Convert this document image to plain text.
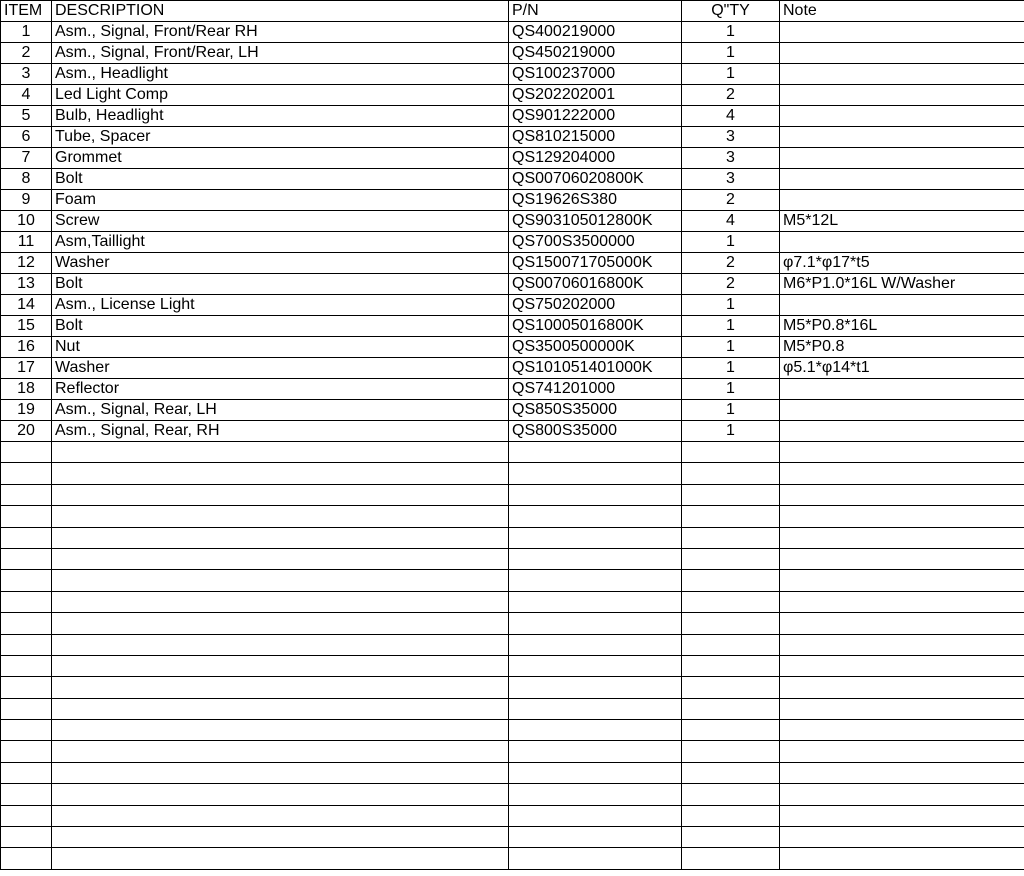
ITEM	DESCRIPTION	P/N	Q"TY	Note
1	Asm., Signal, Front/Rear RH	QS400219000	1	
2	Asm., Signal, Front/Rear, LH	QS450219000	1	
3	Asm., Headlight	QS100237000	1	
4	Led Light Comp	QS202202001	2	
5	Bulb, Headlight	QS901222000	4	
6	Tube, Spacer	QS810215000	3	
7	Grommet	QS129204000	3	
8	Bolt	QS00706020800K	3	
9	Foam	QS19626S380	2	
10	Screw	QS903105012800K	4	M5*12L
11	Asm,Taillight	QS700S3500000	1	
12	Washer	QS150071705000K	2	φ7.1*φ17*t5
13	Bolt	QS00706016800K	2	M6*P1.0*16L W/Washer
14	Asm., License Light	QS750202000	1	
15	Bolt	QS10005016800K	1	M5*P0.8*16L
16	Nut	QS3500500000K	1	M5*P0.8
17	Washer	QS101051401000K	1	φ5.1*φ14*t1
18	Reflector	QS741201000	1	
19	Asm., Signal, Rear, LH	QS850S35000	1	
20	Asm., Signal, Rear, RH	QS800S35000	1	
